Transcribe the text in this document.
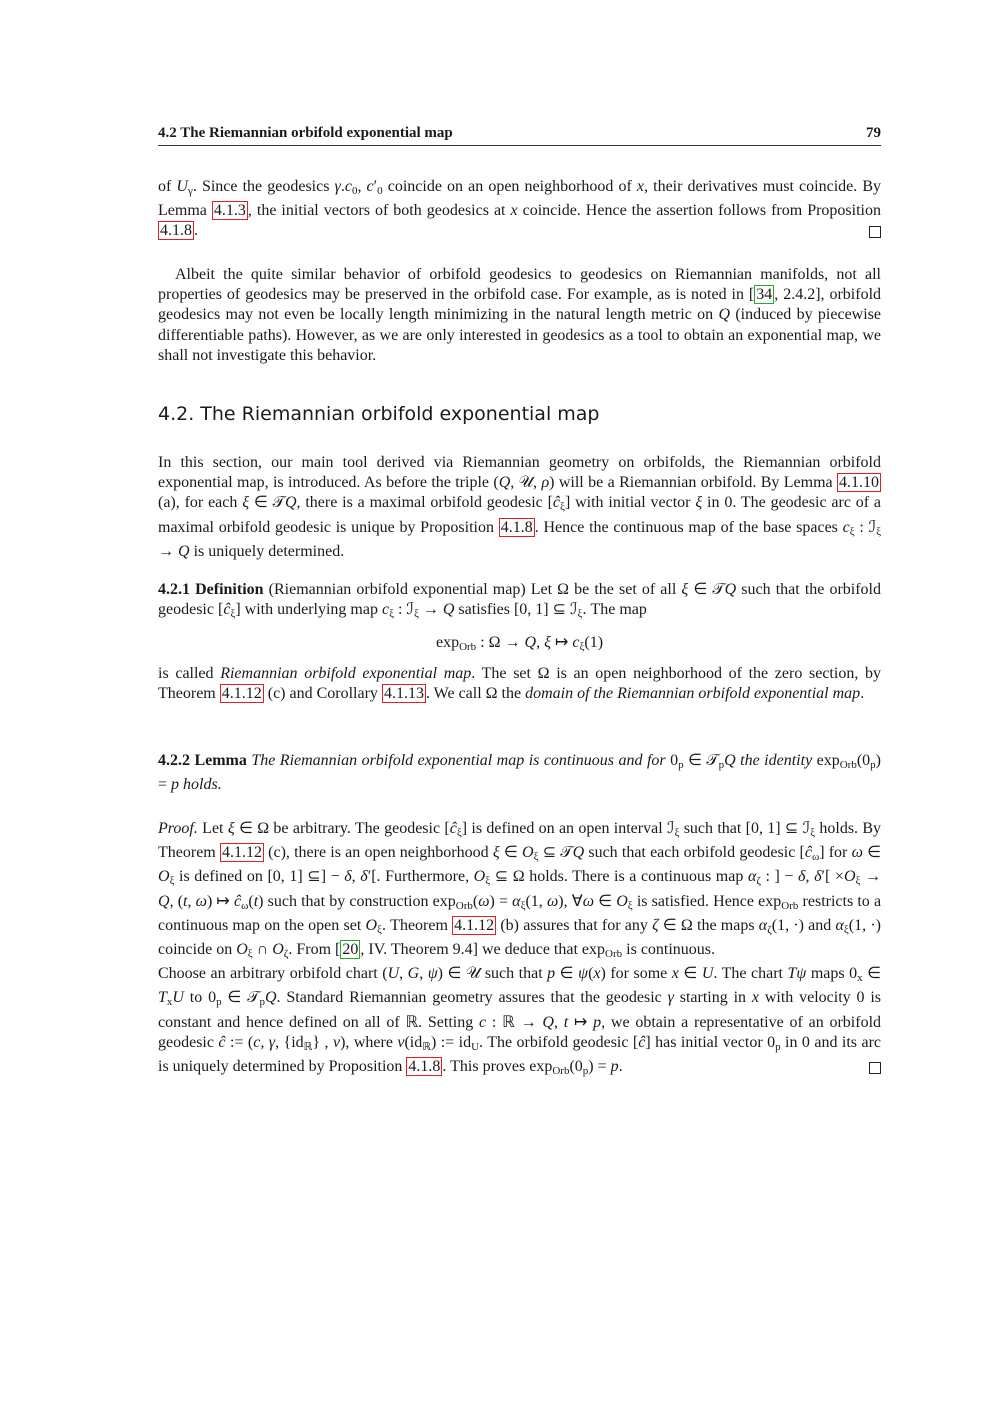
4.2 The Riemannian orbifold exponential map	79
of $U_\gamma$. Since the geodesics $\gamma.c_0$, $c'_0$ coincide on an open neighborhood of x, their derivatives must coincide. By Lemma 4.1.3 , the initial vectors of both geodesics at x coincide. Hence the assertion follows from Proposition 4.1.8 .
Albeit the quite similar behavior of orbifold geodesics to geodesics on Riemannian manifolds, not all properties of geodesics may be preserved in the orbifold case. For example, as is noted in [ 34 , 2.4.2], orbifold geodesics may not even be locally length minimizing in the natural length metric on Q (induced by piecewise differentiable paths). However, as we are only interested in geodesics as a tool to obtain an exponential map, we shall not investigate this behavior.
4.2. The Riemannian orbifold exponential map
In this section, our main tool derived via Riemannian geometry on orbifolds, the Riemannian orbifold exponential map, is introduced. As before the triple (Q, 𝒰, ρ) will be a Riemannian orbifold. By Lemma 4.1.10 (a), for each ξ ∈ 𝒯Q, there is a maximal orbifold geodesic $[ĉ_\xi]$ with initial vector ξ in 0. The geodesic arc of a maximal orbifold geodesic is unique by Proposition 4.1.8 . Hence the continuous map of the base spaces $c_\xi$ : ℐ$_\xi$ → Q is uniquely determined.
4.2.1 Definition (Riemannian orbifold exponential map) Let Ω be the set of all ξ ∈ 𝒯Q such that the orbifold geodesic $[ĉ_\xi]$ with underlying map $c_\xi$ : ℐ$_\xi$ → Q satisfies [0, 1] ⊆ ℐ$_\xi$. The map
$\exp_{Orb}$ : Ω → Q, ξ ↦ $c_\xi(1)$
is called Riemannian orbifold exponential map. The set Ω is an open neighborhood of the zero section, by Theorem 4.1.12 (c) and Corollary 4.1.13 . We call Ω the domain of the Riemannian orbifold exponential map.
4.2.2 Lemma The Riemannian orbifold exponential map is continuous and for $0_p$ ∈ 𝒯$_p$Q the identity $\exp_{Orb}(0_p) = p$ holds.
Proof. Let ξ ∈ Ω be arbitrary. The geodesic $[ĉ_\xi]$ is defined on an open interval ℐ$_\xi$ such that [0, 1] ⊆ ℐ$_\xi$ holds. By Theorem 4.1.12 (c), there is an open neighborhood ξ ∈ $O_\xi$ ⊆ 𝒯Q such that each orbifold geodesic $[ĉ_\omega]$ for ω ∈ $O_\xi$ is defined on [0, 1] ⊆] − δ, δ′[. Furthermore, $O_\xi$ ⊆ Ω holds. There is a continuous map $\alpha_\zeta$ : ] − δ, $\delta'[ \times O_\xi \to Q$, (t, ω) ↦ $ĉ_\omega(t)$ such that by construction $\exp_{Orb}(\omega) = \alpha_\xi(1$, ω), ∀ω ∈ $O_\xi$ is satisfied. Hence $\exp_{Orb}$ restricts to a continuous map on the open set $O_\xi$. Theorem 4.1.12 (b) assures that for any ζ ∈ Ω the maps $\alpha_\zeta(1$, ·) and $\alpha_\xi(1$, ·) coincide on $O_\xi$ ∩ $O_\zeta$. From [ 20 , IV. Theorem 9.4] we deduce that $\exp_{Orb}$ is continuous.
Choose an arbitrary orbifold chart (U, G, ψ) ∈ 𝒰 such that p ∈ ψ(x) for some x ∈ U. The chart Tψ maps $0_x$ ∈ $T_xU$ to $0_p$ ∈ 𝒯$_p$Q. Standard Riemannian geometry assures that the geodesic γ starting in x with velocity 0 is constant and hence defined on all of ℝ. Setting c : ℝ → Q, t ↦ p, we obtain a representative of an orbifold geodesic ĉ := (c, γ, $\{id_ℝ\}$ , ν), where $\nu(id_ℝ)$ := $id_U$. The orbifold geodesic [ĉ] has initial vector $0_p$ in 0 and its arc is uniquely determined by Proposition 4.1.8 . This proves $\exp_{Orb}(0_p) = p$.
